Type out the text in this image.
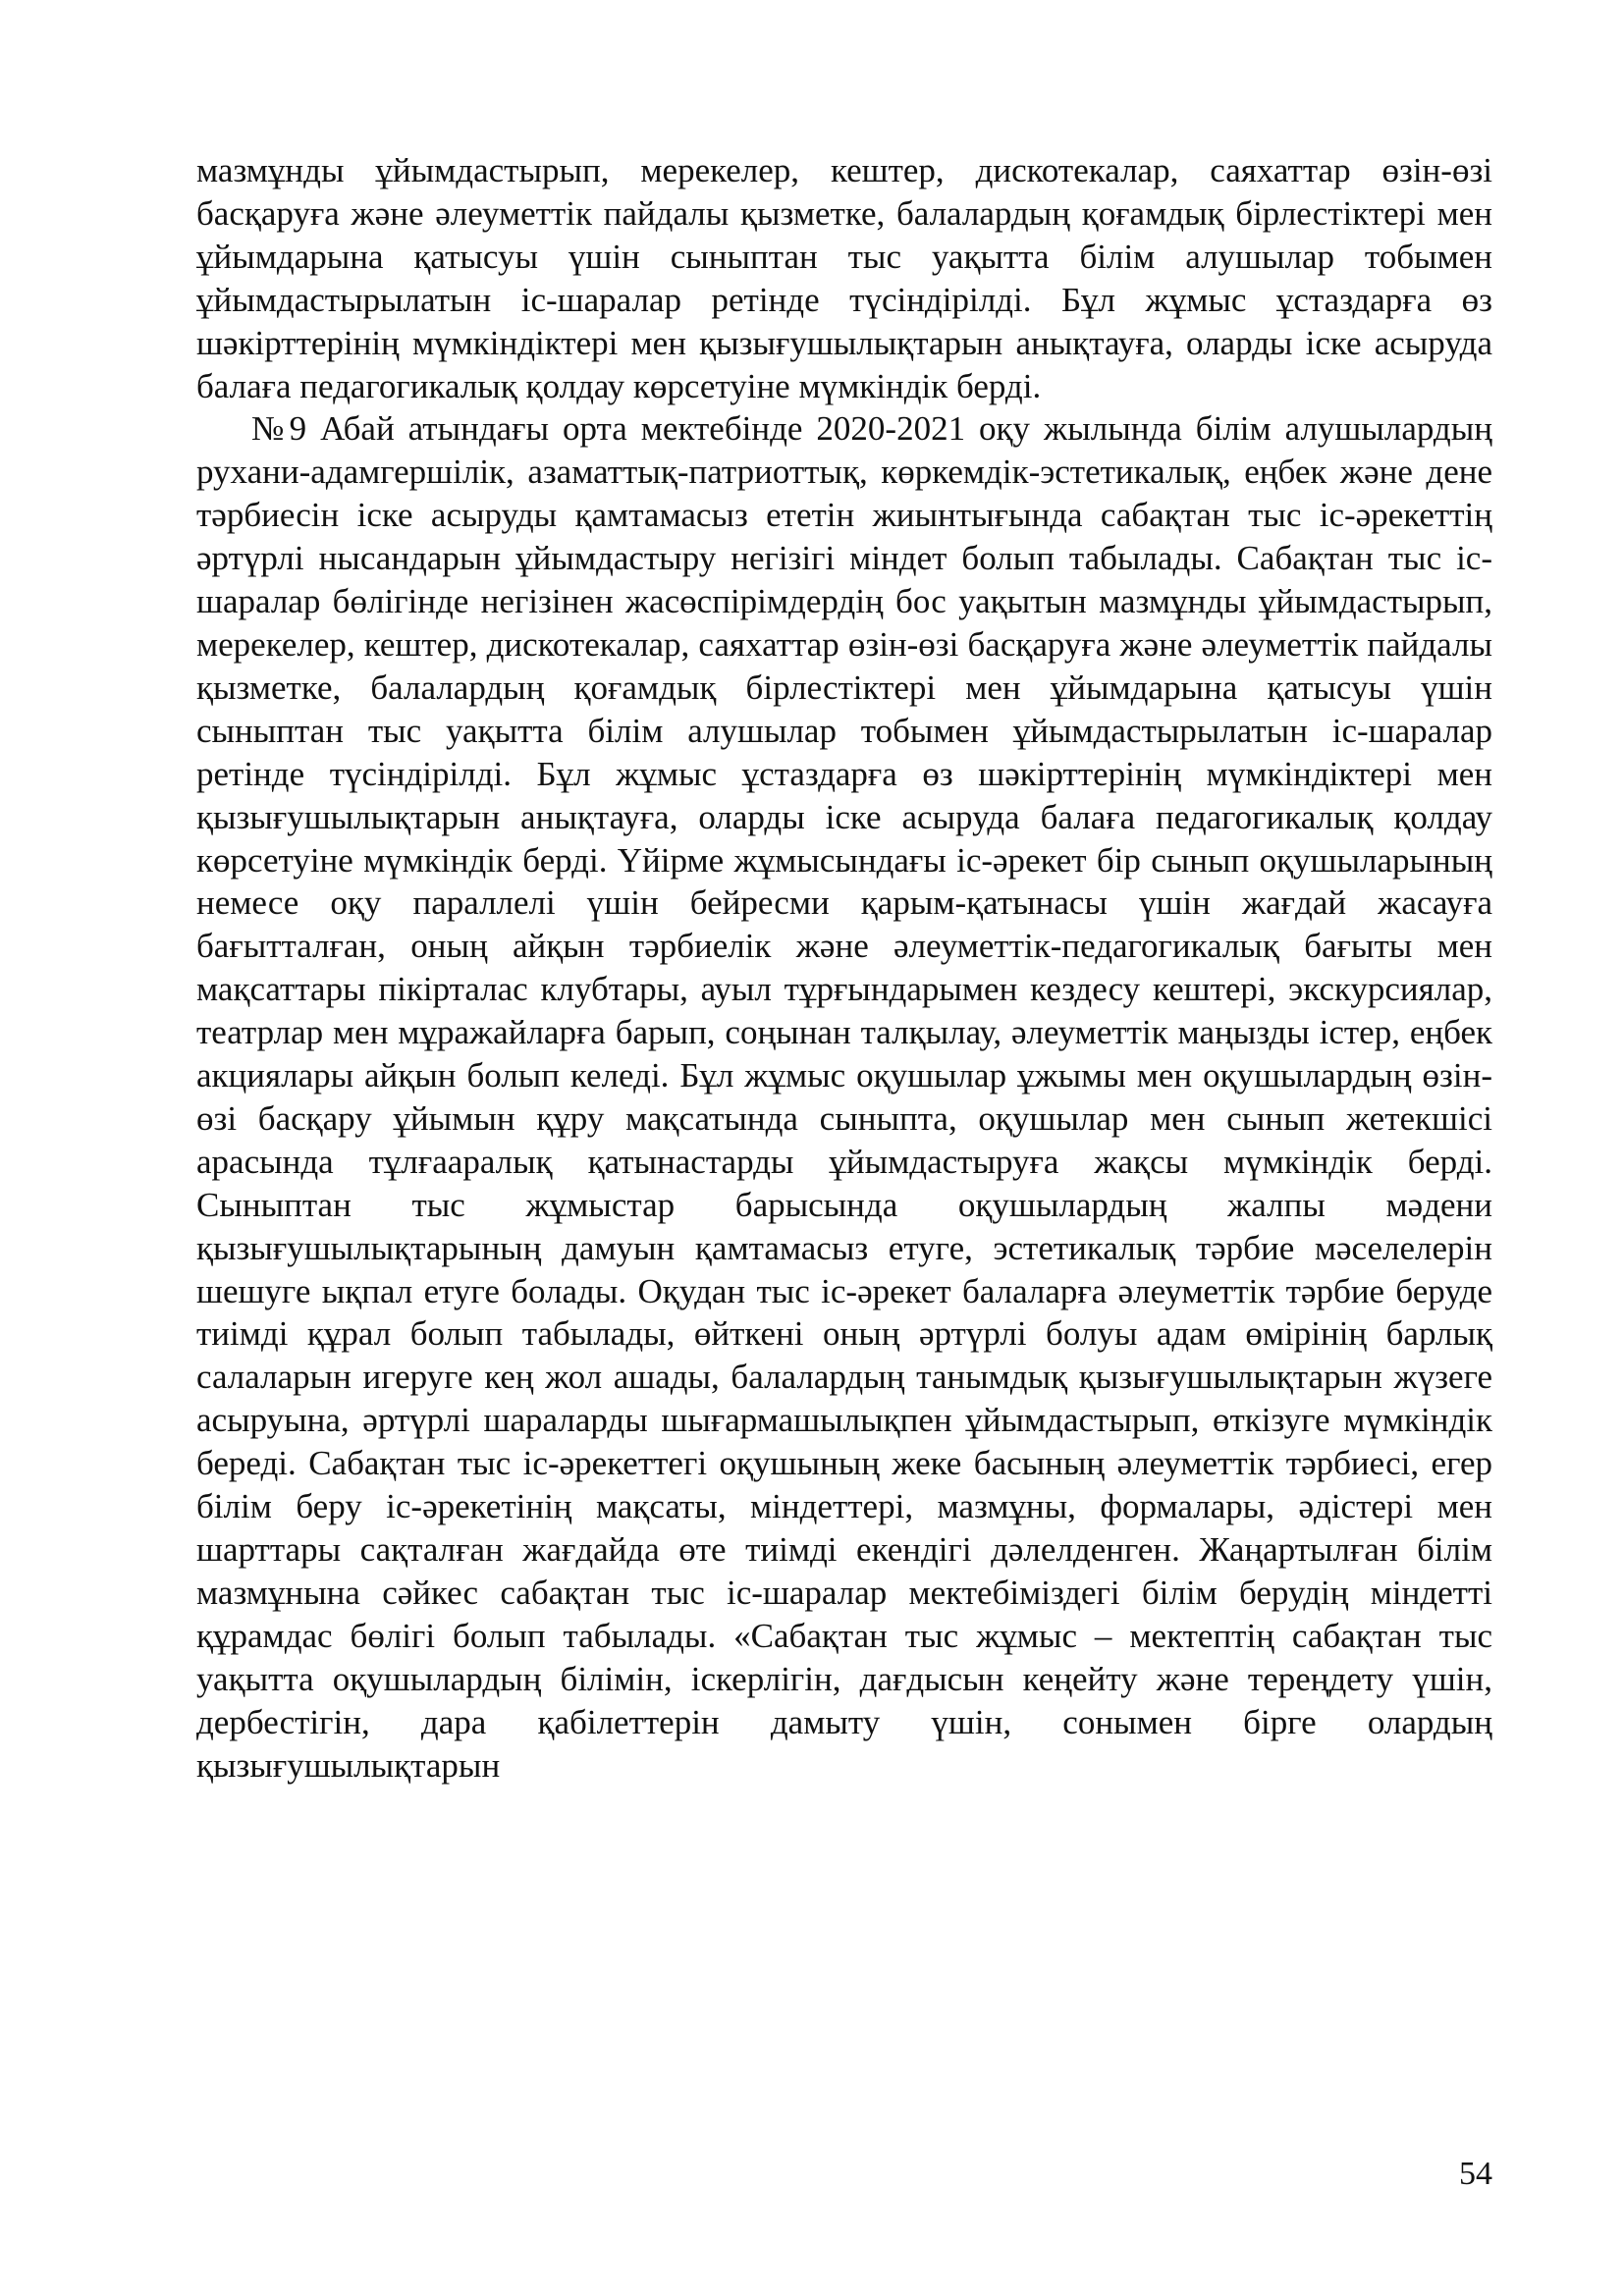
мазмұнды ұйымдастырып, мерекелер, кештер, дискотекалар, саяхаттар өзін-өзі басқаруға және әлеуметтік пайдалы қызметке, балалардың қоғамдық бірлестіктері мен ұйымдарына қатысуы үшін сыныптан тыс уақытта білім алушылар тобымен ұйымдастырылатын іс-шаралар ретінде түсіндірілді. Бұл жұмыс ұстаздарға өз шәкірттерінің мүмкіндіктері мен қызығушылықтарын анықтауға, оларды іске асыруда балаға педагогикалық қолдау көрсетуіне мүмкіндік берді.

№9 Абай атындағы орта мектебінде 2020-2021 оқу жылында білім алушылардың рухани-адамгершілік, азаматтық-патриоттық, көркемдік-эстетикалық, еңбек және дене тәрбиесін іске асыруды қамтамасыз ететін жиынтығында сабақтан тыс іс-әрекеттің әртүрлі нысандарын ұйымдастыру негізігі міндет болып табылады. Сабақтан тыс іс-шаралар бөлігінде негізінен жасөспірімдердің бос уақытын мазмұнды ұйымдастырып, мерекелер, кештер, дискотекалар, саяхаттар өзін-өзі басқаруға және әлеуметтік пайдалы қызметке, балалардың қоғамдық бірлестіктері мен ұйымдарына қатысуы үшін сыныптан тыс уақытта білім алушылар тобымен ұйымдастырылатын іс-шаралар ретінде түсіндірілді. Бұл жұмыс ұстаздарға өз шәкірттерінің мүмкіндіктері мен қызығушылықтарын анықтауға, оларды іске асыруда балаға педагогикалық қолдау көрсетуіне мүмкіндік берді. Үйірме жұмысындағы іс-әрекет бір сынып оқушыларының немесе оқу параллелі үшін бейресми қарым-қатынасы үшін жағдай жасауға бағытталған, оның айқын тәрбиелік және әлеуметтік-педагогикалық бағыты мен мақсаттары пікірталас клубтары, ауыл тұрғындарымен кездесу кештері, экскурсиялар, театрлар мен мұражайларға барып, соңынан талқылау, әлеуметтік маңызды істер, еңбек акциялары айқын болып келеді. Бұл жұмыс оқушылар ұжымы мен оқушылардың өзін-өзі басқару ұйымын құру мақсатында сыныпта, оқушылар мен сынып жетекшісі арасында тұлғааралық қатынастарды ұйымдастыруға жақсы мүмкіндік берді. Сыныптан тыс жұмыстар барысында оқушылардың жалпы мәдени қызығушылықтарының дамуын қамтамасыз етуге, эстетикалық тәрбие мәселелерін шешуге ықпал етуге болады. Оқудан тыс іс-әрекет балаларға әлеуметтік тәрбие беруде тиімді құрал болып табылады, өйткені оның әртүрлі болуы адам өмірінің барлық салаларын игеруге кең жол ашады, балалардың танымдық қызығушылықтарын жүзеге асыруына, әртүрлі шараларды шығармашылықпен ұйымдастырып, өткізуге мүмкіндік береді. Сабақтан тыс іс-әрекеттегі оқушының жеке басының әлеуметтік тәрбиесі, егер білім беру іс-әрекетінің мақсаты, міндеттері, мазмұны, формалары, әдістері мен шарттары сақталған жағдайда өте тиімді екендігі дәлелденген. Жаңартылған білім мазмұнына сәйкес сабақтан тыс іс-шаралар мектебіміздегі білім берудің міндетті құрамдас бөлігі болып табылады. «Сабақтан тыс жұмыс – мектептің сабақтан тыс уақытта оқушылардың білімін, іскерлігін, дағдысын кеңейту және тереңдету үшін, дербестігін, дара қабілеттерін дамыту үшін, сонымен бірге олардың қызығушылықтарын

54
